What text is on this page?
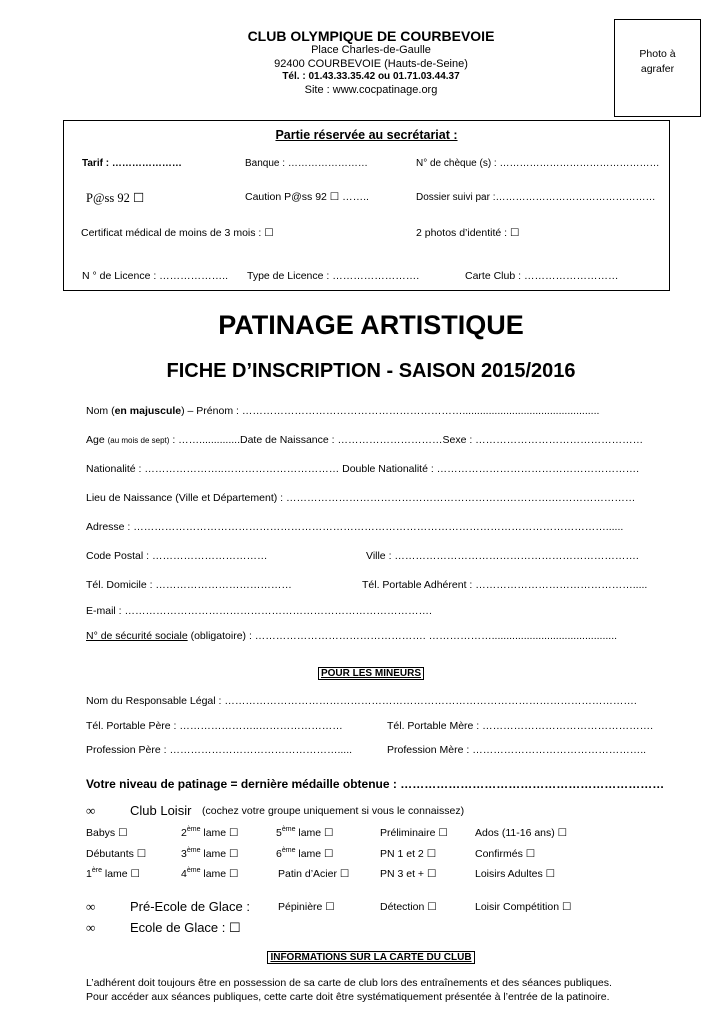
CLUB OLYMPIQUE DE COURBEVOIE
Place Charles-de-Gaulle
92400 COURBEVOIE (Hauts-de-Seine)
Tél. : 01.43.33.35.42 ou 01.71.03.44.37
Site : www.cocpatinage.org
Photo à
agrafer
Partie réservée au secrétariat :
Tarif : …………………	Banque : ……………………	N° de chèque (s) : …………………………………………
P@ss 92 ☐	Caution P@ss 92 ☐ ……..	Dossier suivi par :…………………………………………
Certificat médical de moins de 3 mois : ☐	2 photos d’identité : ☐
N ° de Licence : ……………….. Type de Licence : …………………….	Carte Club : ………………………
PATINAGE ARTISTIQUE
FICHE D’INSCRIPTION - SAISON 2015/2016
Nom (en majuscule) – Prénom : ………………………………………………………...............................................
Age (au mois de sept) : ……..............Date de Naissance : …………………………Sexe : …………………………………………
Nationalité : …………………..…………………………… Double Nationalité : ………………………………………………….
Lieu de Naissance (Ville et Département) : ………………………………………………………………….……………………
Adresse : ………………………………………………………………………………………………………………………......
Code Postal : ……………………………	Ville : …………………………………………………………….
Tél. Domicile : …………………………………	Tél. Portable Adhérent : ……………………………………….....
E-mail : …………………………………………………………………………….
N° de sécurité sociale (obligatoire) : …………………………………………. ………………...........................................
POUR LES MINEURS
Nom du Responsable Légal : ……………………………………………………………………………………………………….
Tél. Portable Père : …………………..……………………	Tél. Portable Mère : ………………………………………….
Profession Père : ………………………………………….....	Profession Mère : …………………………………………..
Votre niveau de patinage = dernière médaille obtenue : …………………………………………………………
∞	Club Loisir (cochez votre groupe uniquement si vous le connaissez)
Babys ☐	2ème lame ☐	5ème lame ☐	Préliminaire ☐	Ados (11-16 ans) ☐
Débutants ☐	3ème lame ☐	6ème lame ☐	PN 1 et 2 ☐	Confirmés ☐
1ère lame ☐	4ème lame ☐	Patin d’Acier ☐	PN 3 et + ☐	Loisirs Adultes ☐
∞	Pré-Ecole de Glace :	Pépinière ☐	Détection ☐	Loisir Compétition ☐
∞	Ecole de Glace : ☐
INFORMATIONS SUR LA CARTE DU CLUB
L’adhérent doit toujours être en possession de sa carte de club lors des entraînements et des séances publiques.
Pour accéder aux séances publiques, cette carte doit être systématiquement présentée à l’entrée de la patinoire.
